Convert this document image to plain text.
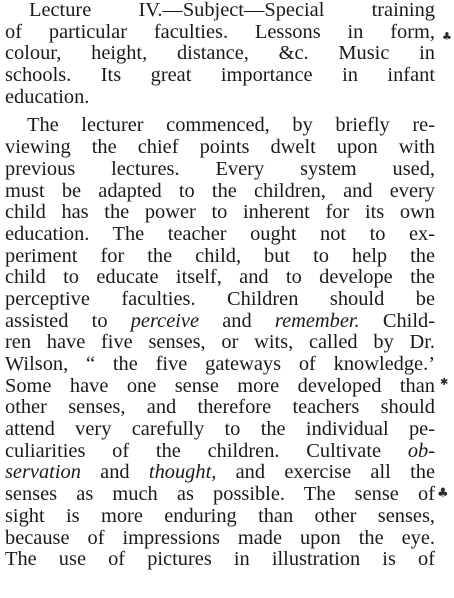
Lecture IV.—Subject—Special training
of particular faculties. Lessons in form,
colour, height, distance, &c. Music in
schools. Its great importance in infant
education.
The lecturer commenced, by briefly re-
viewing the chief points dwelt upon with
previous lectures. Every system used,
must be adapted to the children, and every
child has the power to inherent for its own
education. The teacher ought not to ex-
periment for the child, but to help the
child to educate itself, and to develope the
perceptive faculties. Children should be
assisted to perceive and remember. Child-
ren have five senses, or wits, called by Dr.
Wilson, “ the five gateways of knowledge.’
Some have one sense more developed than
other senses, and therefore teachers should
attend very carefully to the individual pe-
culiarities of the children. Cultivate ob-
servation and thought, and exercise all the
senses as much as possible. The sense of
sight is more enduring than other senses,
because of impressions made upon the eye.
The use of pictures in illustration is of
♣
✱
♣
